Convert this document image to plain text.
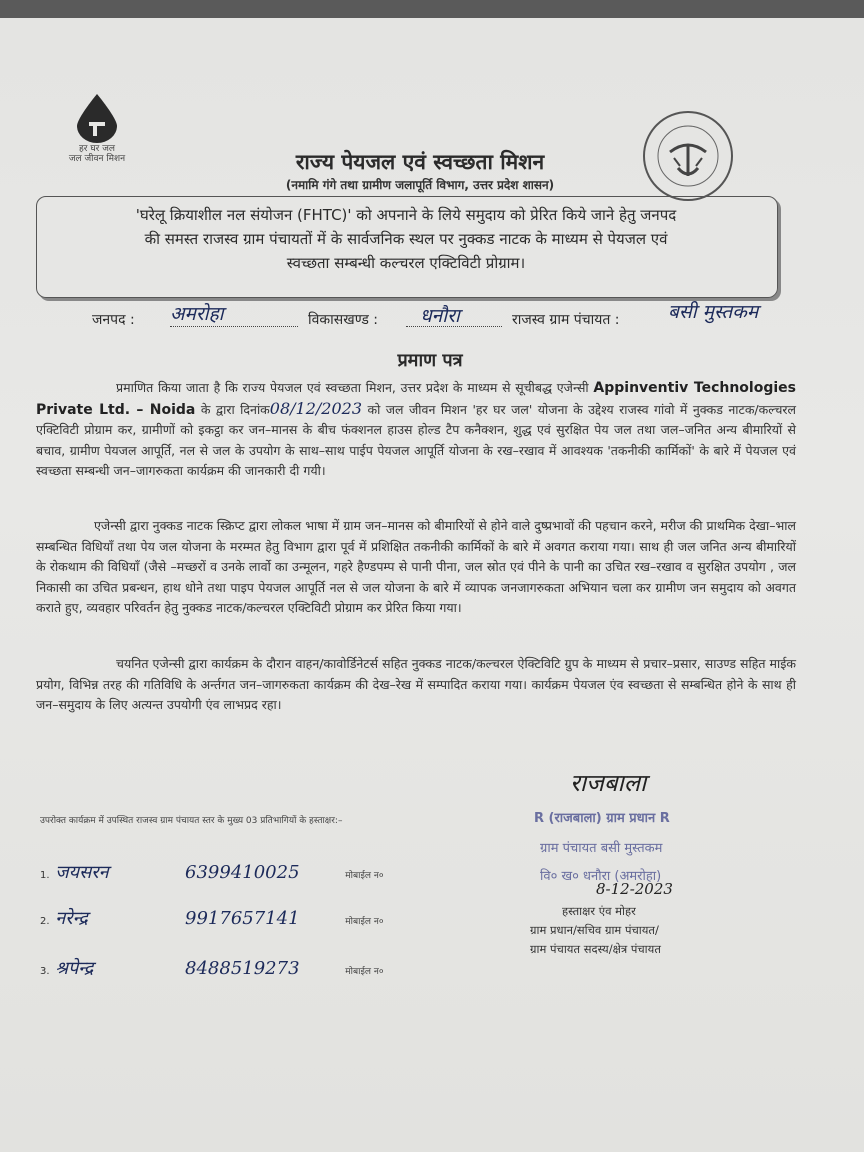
हर घर जल
जल जीवन मिशन	राज्य पेयजल एवं स्वच्छता मिशन
(नमामि गंगे तथा ग्रामीण जलापूर्ति विभाग, उत्तर प्रदेश शासन)
'घरेलू क्रियाशील नल संयोजन (FHTC)' को अपनाने के लिये समुदाय को प्रेरित किये जाने हेतु जनपद
की समस्त राजस्व ग्राम पंचायतों में के सार्वजनिक स्थल पर नुक्कड नाटक के माध्यम से पेयजल एवं
स्वच्छता सम्बन्धी कल्चरल एक्टिविटी प्रोग्राम।
जनपद : अमरोहा	विकासखण्ड : धनौरा	राजस्व ग्राम पंचायत :	बसी मुस्तकम
प्रमाण पत्र
प्रमाणित किया जाता है कि राज्य पेयजल एवं स्वच्छता मिशन, उत्तर प्रदेश के माध्यम से सूचीबद्ध एजेन्सी Appinventiv Technologies Private Ltd. – Noida के द्वारा दिनांक08/12/2023 को जल जीवन मिशन 'हर घर जल' योजना के उद्देश्य राजस्व गांवो में नुक्कड नाटक/कल्चरल एक्टिविटी प्रोग्राम कर, ग्रामीणों को इकट्ठा कर जन–मानस के बीच फंक्शनल हाउस होल्ड टैप कनैक्शन, शुद्ध एवं सुरक्षित पेय जल तथा जल–जनित अन्य बीमारियों से बचाव, ग्रामीण पेयजल आपूर्ति, नल से जल के उपयोग के साथ–साथ पाईप पेयजल आपूर्ति योजना के रख–रखाव में आवश्यक 'तकनीकी कार्मिकों' के बारे में पेयजल एवं स्वच्छता सम्बन्धी जन–जागरुकता कार्यक्रम की जानकारी दी गयी।
एजेन्सी द्वारा नुक्कड नाटक स्क्रिप्ट द्वारा लोकल भाषा में ग्राम जन–मानस को बीमारियों से होने वाले दुष्प्रभावों की पहचान करने, मरीज की प्राथमिक देखा–भाल सम्बन्धित विधियाँ तथा पेय जल योजना के मरम्मत हेतु विभाग द्वारा पूर्व में प्रशिक्षित तकनीकी कार्मिकों के बारे में अवगत कराया गया। साथ ही जल जनित अन्य बीमारियों के रोकथाम की विधियाँ (जैसे –मच्छरों व उनके लार्वो का उन्मूलन, गहरे हैण्डपम्प से पानी पीना, जल स्रोत एवं पीने के पानी का उचित रख–रखाव व सुरक्षित उपयोग , जल निकासी का उचित प्रबन्धन, हाथ धोने तथा पाइप पेयजल आपूर्ति नल से जल योजना के बारे में व्यापक जनजागरुकता अभियान चला कर ग्रामीण जन समुदाय को अवगत कराते हुए, व्यवहार परिवर्तन हेतु नुक्कड नाटक/कल्चरल एक्टिविटी प्रोग्राम कर प्रेरित किया गया।
चयनित एजेन्सी द्वारा कार्यक्रम के दौरान वाहन/कावोर्डिनेटर्स सहित नुक्कड नाटक/कल्चरल ऐक्टिविटि ग्रुप के माध्यम से प्रचार–प्रसार, साउण्ड सहित माईक प्रयोग, विभिन्न तरह की गतिविधि के अर्न्तगत जन–जागरुकता कार्यक्रम की देख–रेख में सम्पादित कराया गया। कार्यक्रम पेयजल एंव स्वच्छता से सम्बन्धित होने के साथ ही जन–समुदाय के लिए अत्यन्त उपयोगी एंव लाभप्रद रहा।
राजबाला
R (राजबाला) ग्राम प्रधान R
ग्राम पंचायत बसी मुस्तकम
वि० ख० धनौरा (अमरोहा)
8-12-2023
हस्ताक्षर एंव मोहर
ग्राम प्रधान/सचिव ग्राम पंचायत/
ग्राम पंचायत सदस्य/क्षेत्र पंचायत
उपरोक्त कार्यक्रम में उपस्थित राजस्व ग्राम पंचायत स्तर के मुख्य 03 प्रतिभागियों के हस्ताक्षर:–
1. जयसरन	6399410025	मोबाईल न०
2. नरेन्द्र	9917657141	मोबाईल न०
3. श्रपेन्द्र	8488519273	मोबाईल न०
